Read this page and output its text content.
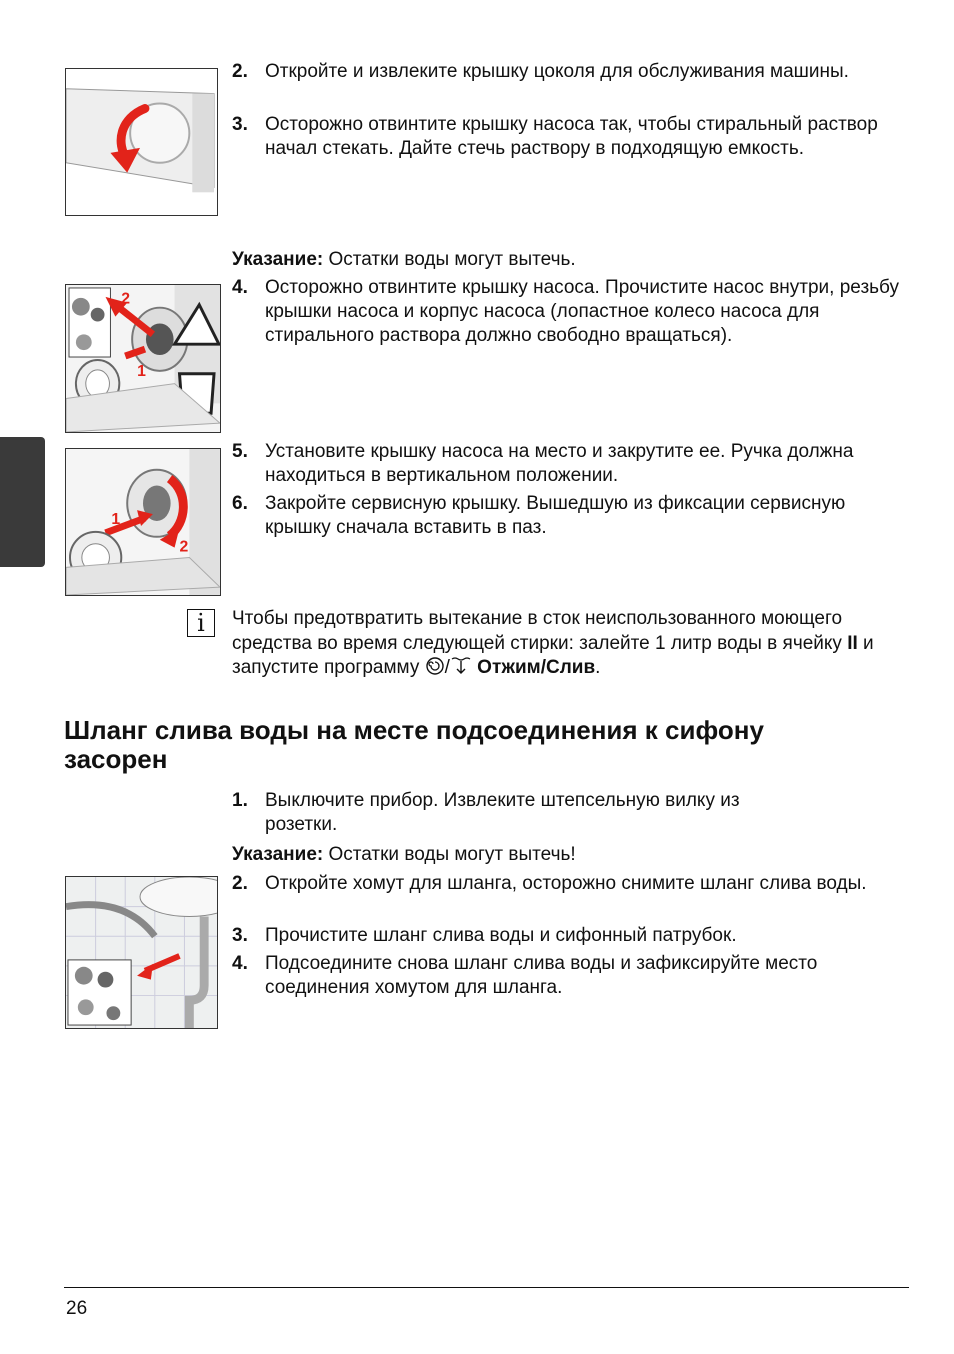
2. Откройте и извлеките крышку цоколя для обслуживания машины.
3. Осторожно отвинтите крышку насоса так, чтобы стиральный раствор начал стекать. Дайте стечь раствору в подходящую емкость.
Указание: Остатки воды могут вытечь.
2
1
4. Осторожно отвинтите крышку насоса. Прочистите насос внутри, резьбу крышки насоса и корпус насоса (лопастное колесо насоса для стирального раствора должно свободно вращаться).
1
2
5. Установите крышку насоса на место и закрутите ее. Ручка должна находиться в вертикальном положении.
6. Закройте сервисную крышку. Вышедшую из фиксации сервисную крышку сначала вставить в паз.
i	Чтобы предотвратить вытекание в сток неиспользованного моющего средства во время следующей стирки: залейте 1 литр воды в ячейку II и запустите программу / Отжим/Слив.
Шланг слива воды на месте подсоединения к сифону засорен
1. Выключите прибор. Извлеките штепсельную вилку из розетки.
Указание: Остатки воды могут вытечь!
2. Откройте хомут для шланга, осторожно снимите шланг слива воды.
3. Прочистите шланг слива воды и сифонный патрубок.
4. Подсоедините снова шланг слива воды и зафиксируйте место соединения хомутом для шланга.
26
